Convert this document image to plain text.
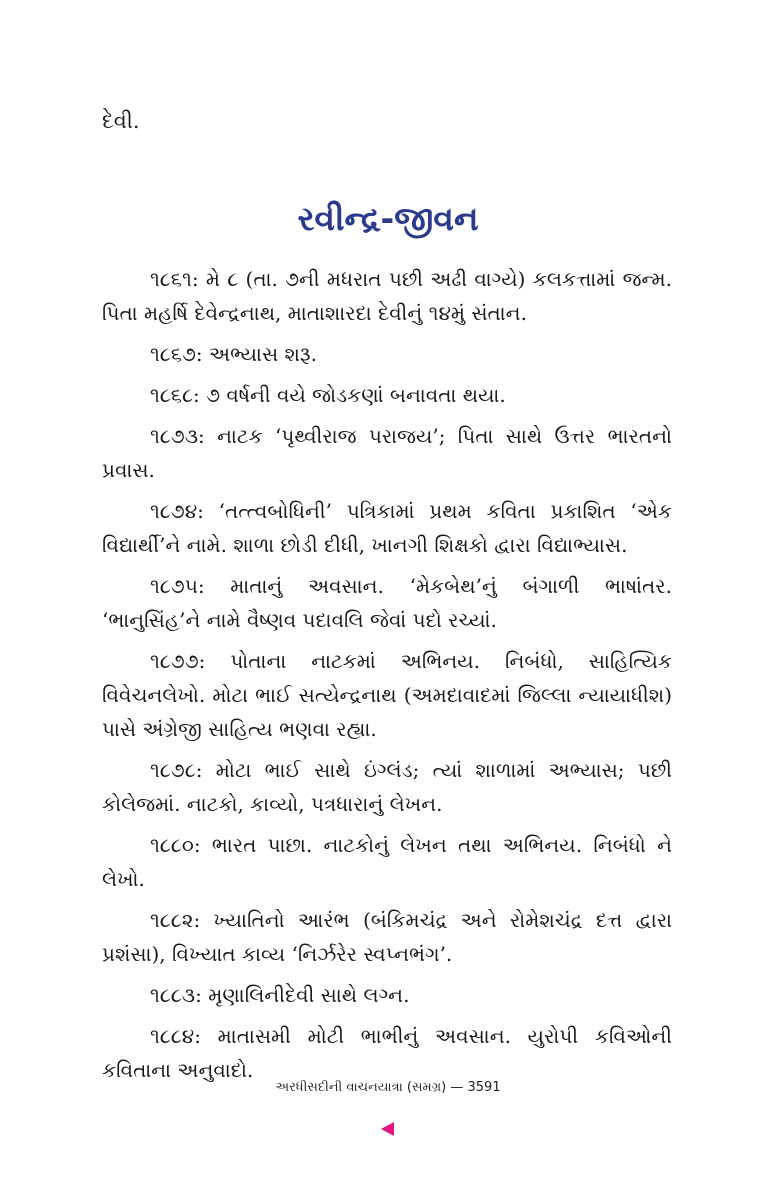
દેવી.
રવીન્દ્ર-જીવન

૧૮૬૧: મે ૮ (તા. ૭ની મધરાત પછી અઢી વાગ્યે) કલકત્તામાં જન્મ. પિતા મહર્ષિ દેવેન્દ્રનાથ, માતાશારદા દેવીનું ૧૪મું સંતાન.

૧૮૬૭: અભ્યાસ શરૂ.

૧૮૬૮: ૭ વર્ષની વયે જોડકણાં બનાવતા થયા.

૧૮૭૩: નાટક ‘પૃથ્વીરાજ પરાજય’; પિતા સાથે ઉત્તર ભારતનો પ્રવાસ.

૧૮૭૪: ‘તત્ત્વબોધિની’ પત્રિકામાં પ્રથમ કવિતા પ્રકાશિત ‘એક વિદ્યાર્થી’ને નામે. શાળા છોડી દીધી, ખાનગી શિક્ષકો દ્વારા વિદ્યાભ્યાસ.

૧૮૭૫: માતાનું અવસાન. ‘મેકબેથ’નું બંગાળી ભાષાંતર. ‘ભાનુસિંહ’ને નામે વૈષ્ણવ પદાવલિ જેવાં પદો રચ્યાં.

૧૮૭૭: પોતાના નાટકમાં અભિનય. નિબંધો, સાહિત્યિક વિવેચનલેખો. મોટા ભાઈ સત્યેન્દ્રનાથ (અમદાવાદમાં જિલ્લા ન્યાયાધીશ) પાસે અંગ્રેજી સાહિત્ય ભણવા રહ્યા.

૧૮૭૮: મોટા ભાઈ સાથે ઇંગ્લંડ; ત્યાં શાળામાં અભ્યાસ; પછી કોલેજમાં. નાટકો, કાવ્યો, પત્રધારાનું લેખન.

૧૮૮૦: ભારત પાછા. નાટકોનું લેખન તથા અભિનય. નિબંધો ને લેખો.

૧૮૮૨: ખ્યાતિનો આરંભ (બંકિમચંદ્ર અને રોમેશચંદ્ર દત્ત દ્વારા પ્રશંસા), વિખ્યાત કાવ્ય ‘નિર્ઝરેર સ્વપ્નભંગ’.

૧૮૮૩: મૃણાલિનીદેવી સાથે લગ્ન.

૧૮૮૪: માતાસમી મોટી ભાભીનું અવસાન. યુરોપી કવિઓની કવિતાના અનુવાદો.

અરધીસદીની વાચનયાત્રા (સમગ્ર) — 3591
